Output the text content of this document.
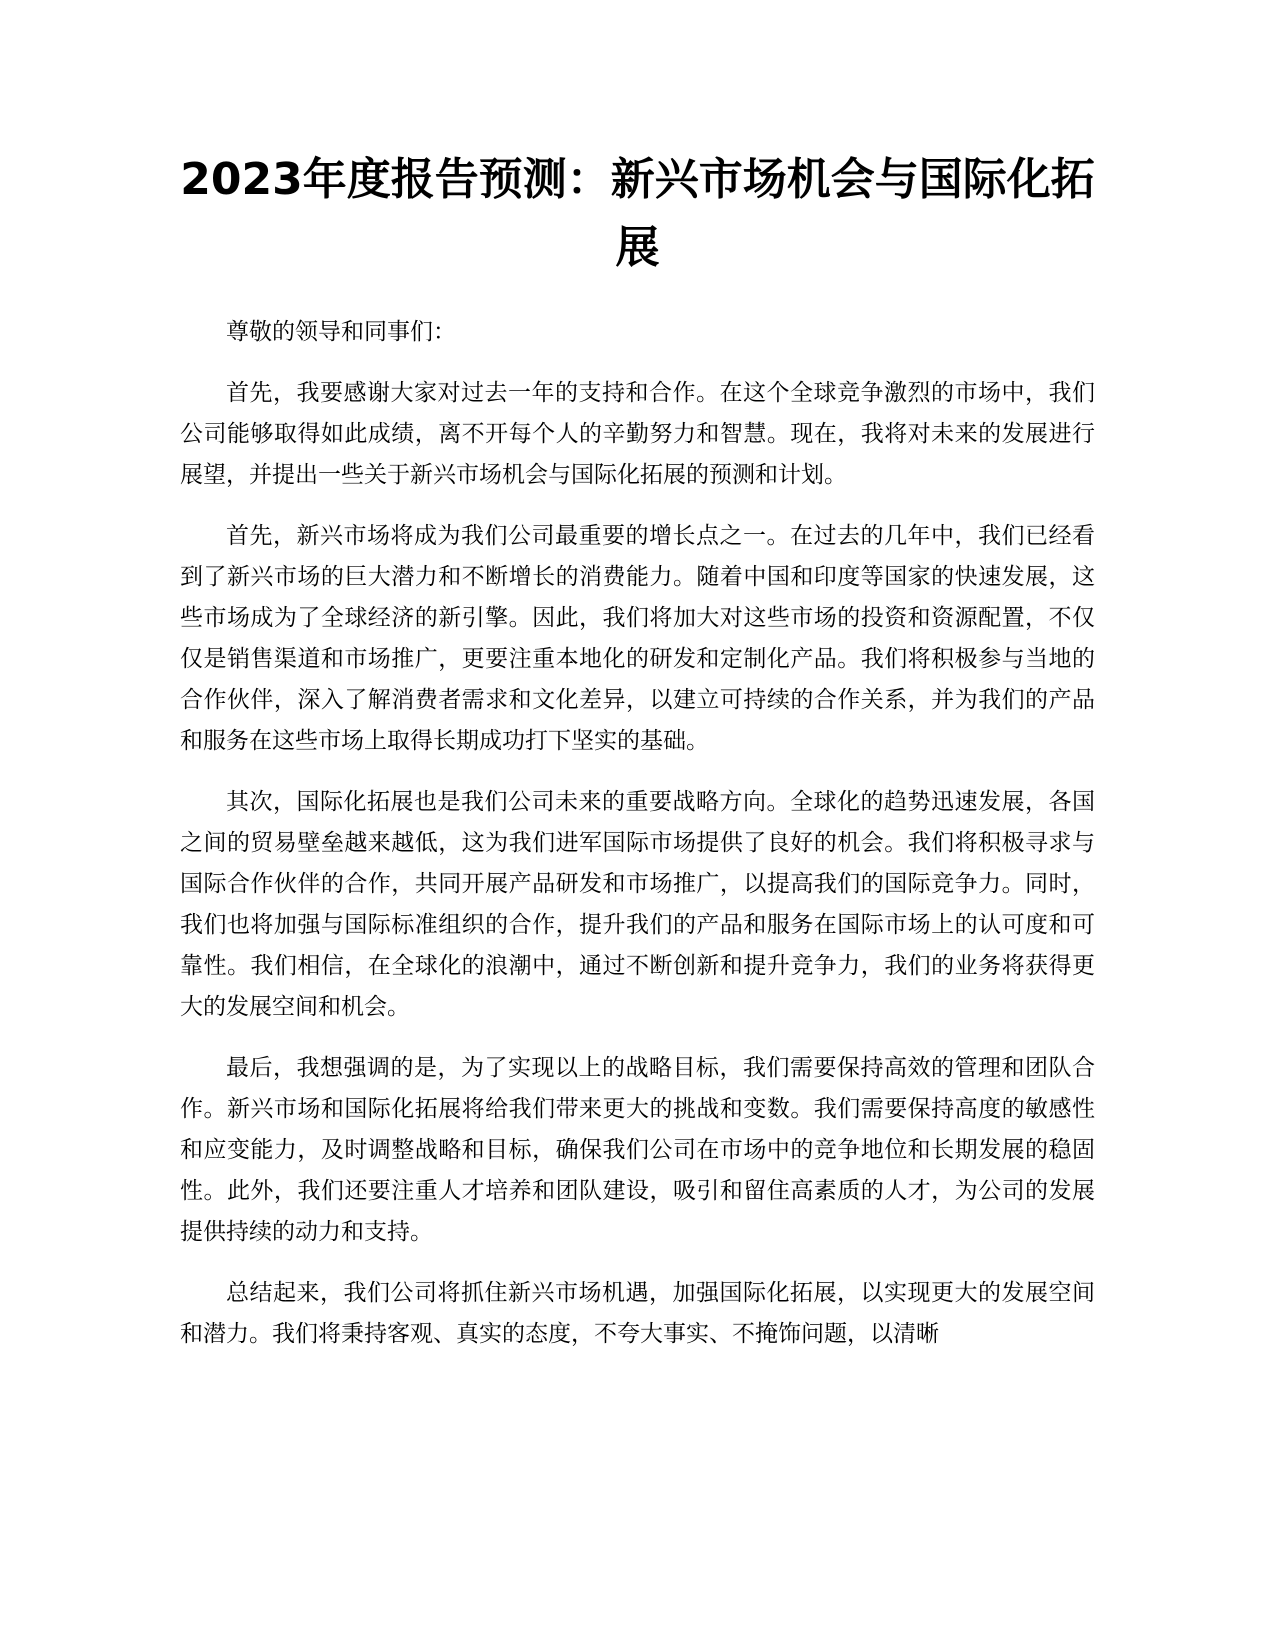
2023年度报告预测：新兴市场机会与国际化拓展

尊敬的领导和同事们：

首先，我要感谢大家对过去一年的支持和合作。在这个全球竞争激烈的市场中，我们公司能够取得如此成绩，离不开每个人的辛勤努力和智慧。现在，我将对未来的发展进行展望，并提出一些关于新兴市场机会与国际化拓展的预测和计划。

首先，新兴市场将成为我们公司最重要的增长点之一。在过去的几年中，我们已经看到了新兴市场的巨大潜力和不断增长的消费能力。随着中国和印度等国家的快速发展，这些市场成为了全球经济的新引擎。因此，我们将加大对这些市场的投资和资源配置，不仅仅是销售渠道和市场推广，更要注重本地化的研发和定制化产品。我们将积极参与当地的合作伙伴，深入了解消费者需求和文化差异，以建立可持续的合作关系，并为我们的产品和服务在这些市场上取得长期成功打下坚实的基础。

其次，国际化拓展也是我们公司未来的重要战略方向。全球化的趋势迅速发展，各国之间的贸易壁垒越来越低，这为我们进军国际市场提供了良好的机会。我们将积极寻求与国际合作伙伴的合作，共同开展产品研发和市场推广，以提高我们的国际竞争力。同时，我们也将加强与国际标准组织的合作，提升我们的产品和服务在国际市场上的认可度和可靠性。我们相信，在全球化的浪潮中，通过不断创新和提升竞争力，我们的业务将获得更大的发展空间和机会。

最后，我想强调的是，为了实现以上的战略目标，我们需要保持高效的管理和团队合作。新兴市场和国际化拓展将给我们带来更大的挑战和变数。我们需要保持高度的敏感性和应变能力，及时调整战略和目标，确保我们公司在市场中的竞争地位和长期发展的稳固性。此外，我们还要注重人才培养和团队建设，吸引和留住高素质的人才，为公司的发展提供持续的动力和支持。

总结起来，我们公司将抓住新兴市场机遇，加强国际化拓展，以实现更大的发展空间和潜力。我们将秉持客观、真实的态度，不夸大事实、不掩饰问题，以清晰
